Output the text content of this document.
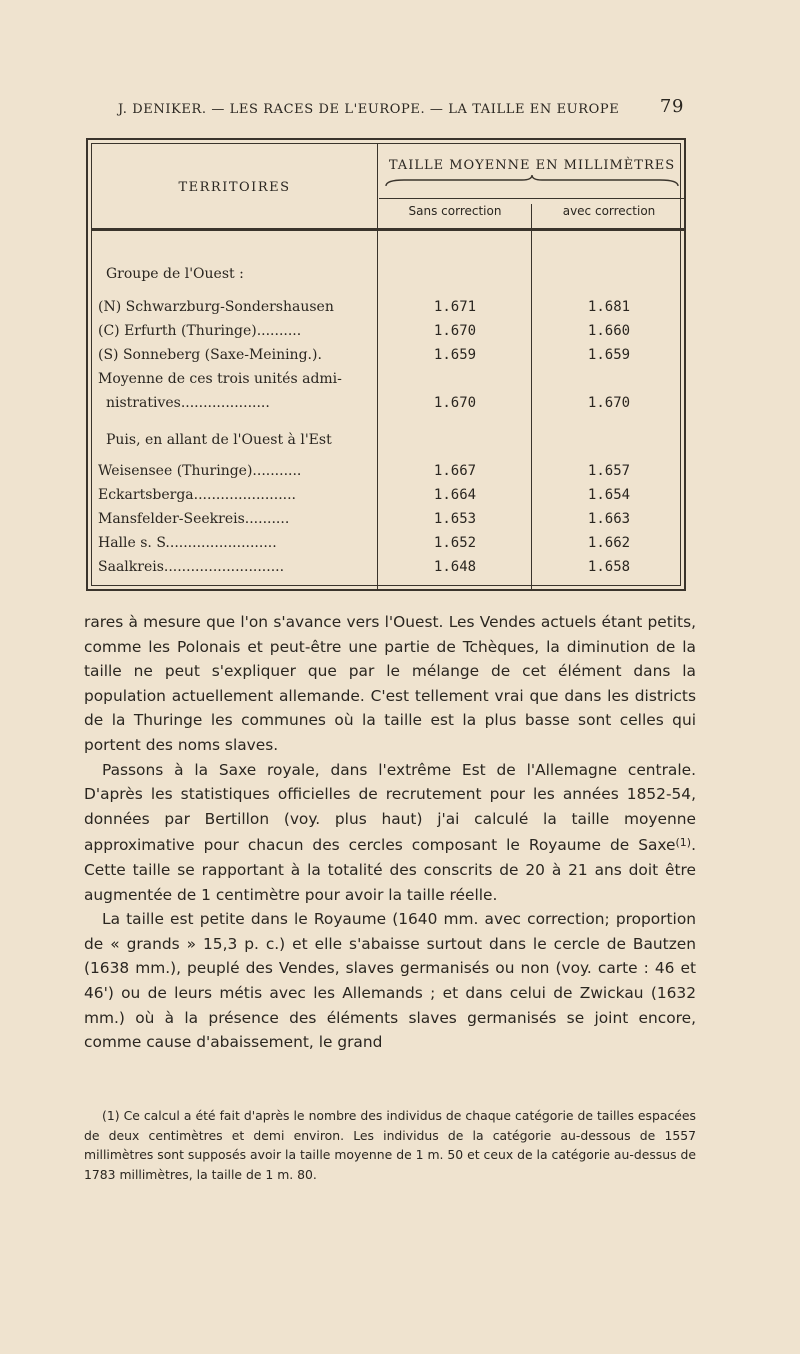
J. DENIKER. — LES RACES DE L'EUROPE. — LA TAILLE EN EUROPE 79
TERRITOIRES
TAILLE MOYENNE EN MILLIMÈTRES
Sans correction	avec correction
Groupe de l'Ouest :
(N) Schwarzburg-Sondershausen	1.671	1.681
(C) Erfurth (Thuringe)..........	1.670	1.660
(S) Sonneberg (Saxe-Meining.).	1.659	1.659
Moyenne de ces trois unités admi-
nistratives....................	1.670	1.670
Puis, en allant de l'Ouest à l'Est
Weisensee (Thuringe)...........	1.667	1.657
Eckartsberga.......................	1.664	1.654
Mansfelder-Seekreis..........	1.653	1.663
Halle s. S.........................	1.652	1.662
Saalkreis...........................	1.648	1.658

rares à mesure que l'on s'avance vers l'Ouest. Les Vendes actuels étant petits, comme les Polonais et peut-être une partie de Tchèques, la diminution de la taille ne peut s'expliquer que par le mélange de cet élément dans la population actuellement allemande. C'est tellement vrai que dans les districts de la Thuringe les communes où la taille est la plus basse sont celles qui portent des noms slaves.

Passons à la Saxe royale, dans l'extrême Est de l'Allemagne centrale. D'après les statistiques officielles de recrutement pour les années 1852-54, données par Bertillon (voy. plus haut) j'ai calculé la taille moyenne approximative pour chacun des cercles composant le Royaume de Saxe$^{(1)}$. Cette taille se rapportant à la totalité des conscrits de 20 à 21 ans doit être augmentée de 1 centimètre pour avoir la taille réelle.

La taille est petite dans le Royaume (1640 mm. avec correction; proportion de « grands » 15,3 p. c.) et elle s'abaisse surtout dans le cercle de Bautzen (1638 mm.), peuplé des Vendes, slaves germanisés ou non (voy. carte : 46 et 46') ou de leurs métis avec les Allemands ; et dans celui de Zwickau (1632 mm.) où à la présence des éléments slaves germanisés se joint encore, comme cause d'abaissement, le grand

(1) Ce calcul a été fait d'après le nombre des individus de chaque catégorie de tailles espacées de deux centimètres et demi environ. Les individus de la catégorie au-dessous de 1557 millimètres sont supposés avoir la taille moyenne de 1 m. 50 et ceux de la catégorie au-dessus de 1783 millimètres, la taille de 1 m. 80.
